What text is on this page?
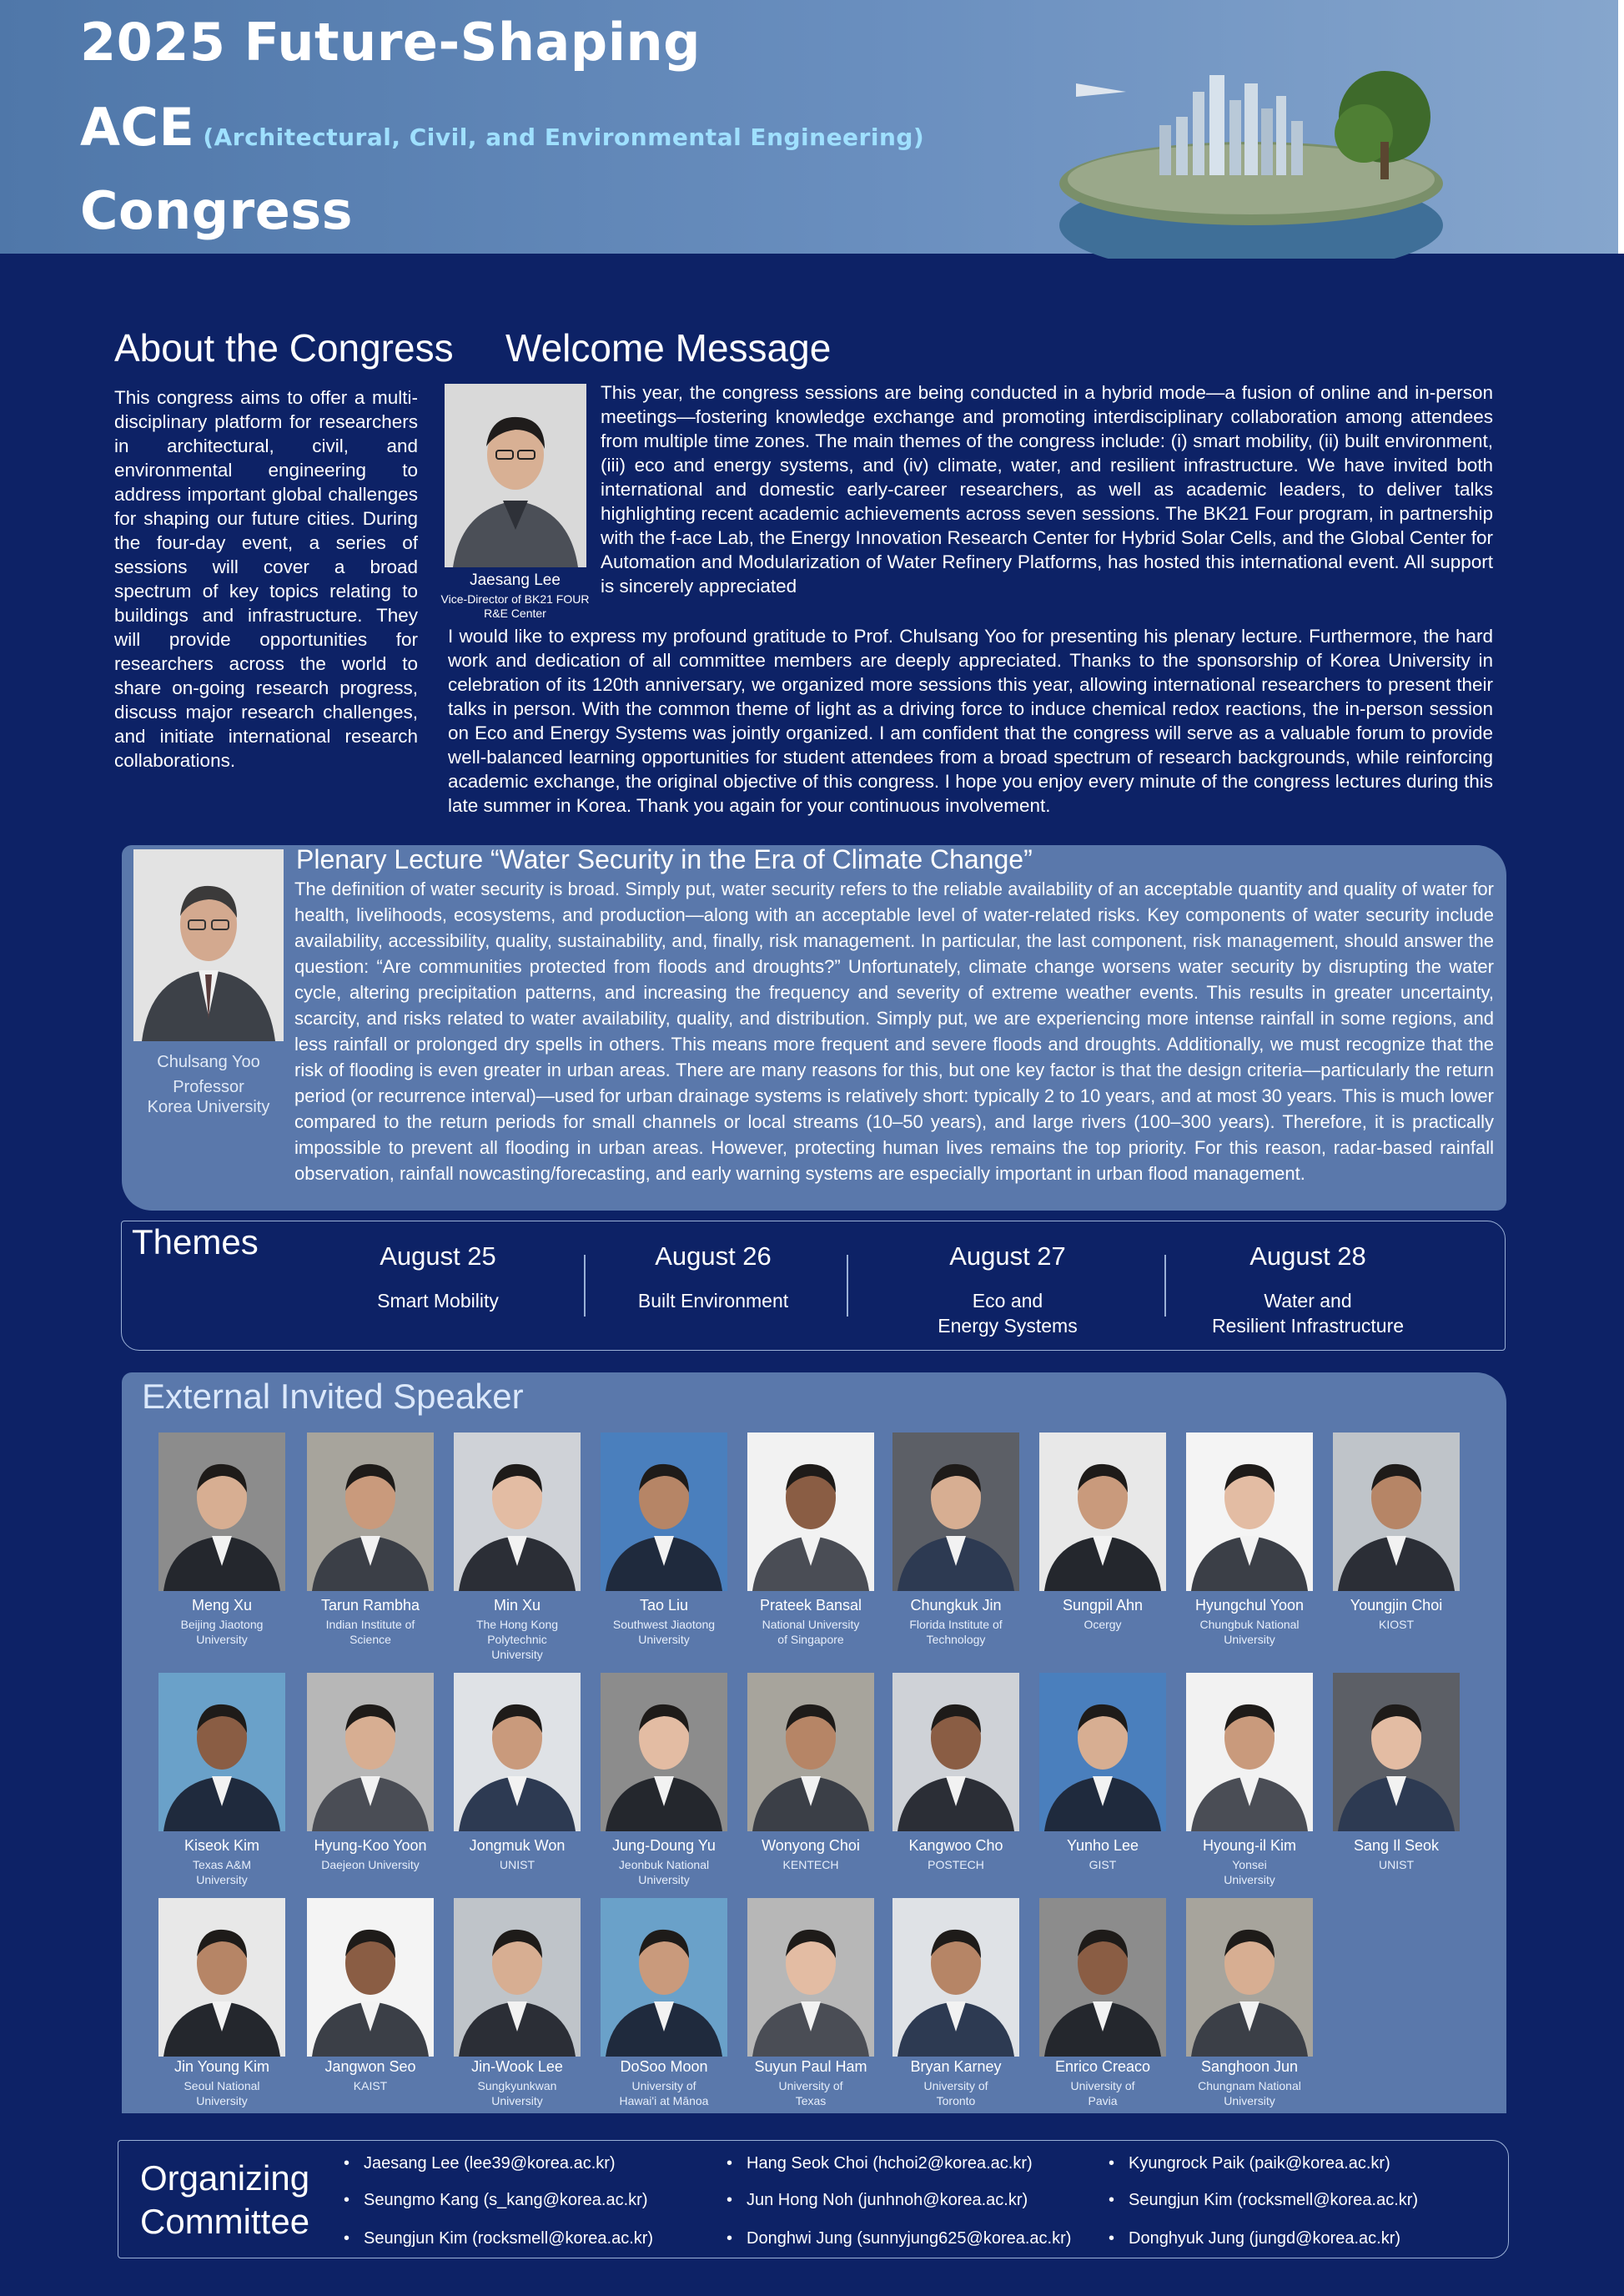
2025 Future-Shaping
ACE (Architectural, Civil, and Environmental Engineering)
Congress
About the Congress Welcome Message
This congress aims to offer a multi-disciplinary platform for researchers in architectural, civil, and environmental engineering to address important global challenges for shaping our future cities. During the four-day event, a series of sessions will cover a broad spectrum of key topics relating to buildings and infrastructure. They will provide opportunities for researchers across the world to share on-going research progress, discuss major research challenges, and initiate international research collaborations.
Jaesang Lee
Vice-Director of BK21 FOUR R&E Center
This year, the congress sessions are being conducted in a hybrid mode—a fusion of online and in-person meetings—fostering knowledge exchange and promoting interdisciplinary collaboration among attendees from multiple time zones. The main themes of the congress include: (i) smart mobility, (ii) built environment, (iii) eco and energy systems, and (iv) climate, water, and resilient infrastructure. We have invited both international and domestic early-career researchers, as well as academic leaders, to deliver talks highlighting recent academic achievements across seven sessions. The BK21 Four program, in partnership with the f-ace Lab, the Energy Innovation Research Center for Hybrid Solar Cells, and the Global Center for Automation and Modularization of Water Refinery Platforms, has hosted this international event. All support is sincerely appreciated
I would like to express my profound gratitude to Prof. Chulsang Yoo for presenting his plenary lecture. Furthermore, the hard work and dedication of all committee members are deeply appreciated. Thanks to the sponsorship of Korea University in celebration of its 120th anniversary, we organized more sessions this year, allowing international researchers to present their talks in person. With the common theme of light as a driving force to induce chemical redox reactions, the in-person session on Eco and Energy Systems was jointly organized. I am confident that the congress will serve as a valuable forum to provide well-balanced learning opportunities for student attendees from a broad spectrum of research backgrounds, while reinforcing academic exchange, the original objective of this congress. I hope you enjoy every minute of the congress lectures during this late summer in Korea. Thank you again for your continuous involvement.
Chulsang Yoo
Professor
Korea University
Plenary Lecture “Water Security in the Era of Climate Change”
The definition of water security is broad. Simply put, water security refers to the reliable availability of an acceptable quantity and quality of water for health, livelihoods, ecosystems, and production—along with an acceptable level of water-related risks. Key components of water security include availability, accessibility, quality, sustainability, and, finally, risk management. In particular, the last component, risk management, should answer the question: “Are communities protected from floods and droughts?” Unfortunately, climate change worsens water security by disrupting the water cycle, altering precipitation patterns, and increasing the frequency and severity of extreme weather events. This results in greater uncertainty, scarcity, and risks related to water availability, quality, and distribution. Simply put, we are experiencing more intense rainfall in some regions, and less rainfall or prolonged dry spells in others. This means more frequent and severe floods and droughts. Additionally, we must recognize that the risk of flooding is even greater in urban areas. There are many reasons for this, but one key factor is that the design criteria—particularly the return period (or recurrence interval)—used for urban drainage systems is relatively short: typically 2 to 10 years, and at most 30 years. This is much lower compared to the return periods for small channels or local streams (10–50 years), and large rivers (100–300 years). Therefore, it is practically impossible to prevent all flooding in urban areas. However, protecting human lives remains the top priority. For this reason, radar-based rainfall observation, rainfall nowcasting/forecasting, and early warning systems are especially important in urban flood management.
Themes	August 25
Smart Mobility
August 26
Built Environment
August 27
Eco and
Energy Systems
August 28
Water and
Resilient Infrastructure
External Invited Speaker
Meng Xu
Beijing Jiaotong
University
Tarun Rambha
Indian Institute of
Science
Min Xu
The Hong Kong
Polytechnic
University
Tao Liu
Southwest Jiaotong
University
Prateek Bansal
National University
of Singapore
Chungkuk Jin
Florida Institute of
Technology
Sungpil Ahn
Ocergy
Hyungchul Yoon
Chungbuk National
University
Youngjin Choi
KIOST
Kiseok Kim
Texas A&M
University
Hyung-Koo Yoon
Daejeon University
Jongmuk Won
UNIST
Jung-Doung Yu
Jeonbuk National
University
Wonyong Choi
KENTECH
Kangwoo Cho
POSTECH
Yunho Lee
GIST
Hyoung-il Kim
Yonsei
University
Sang Il Seok
UNIST
Jin Young Kim
Seoul National
University
Jangwon Seo
KAIST
Jin-Wook Lee
Sungkyunkwan
University
DoSoo Moon
University of
Hawai'i at Mānoa
Suyun Paul Ham
University of
Texas
Bryan Karney
University of
Toronto
Enrico Creaco
University of
Pavia
Sanghoon Jun
Chungnam National
University
Organizing
Committee
• Jaesang Lee (lee39@korea.ac.kr)	• Hang Seok Choi (hchoi2@korea.ac.kr)	• Kyungrock Paik (paik@korea.ac.kr)
• Seungmo Kang (s_kang@korea.ac.kr)	• Jun Hong Noh (junhnoh@korea.ac.kr)	• Seungjun Kim (rocksmell@korea.ac.kr)
• Seungjun Kim (rocksmell@korea.ac.kr)	• Donghwi Jung (sunnyjung625@korea.ac.kr)	• Donghyuk Jung (jungd@korea.ac.kr)
